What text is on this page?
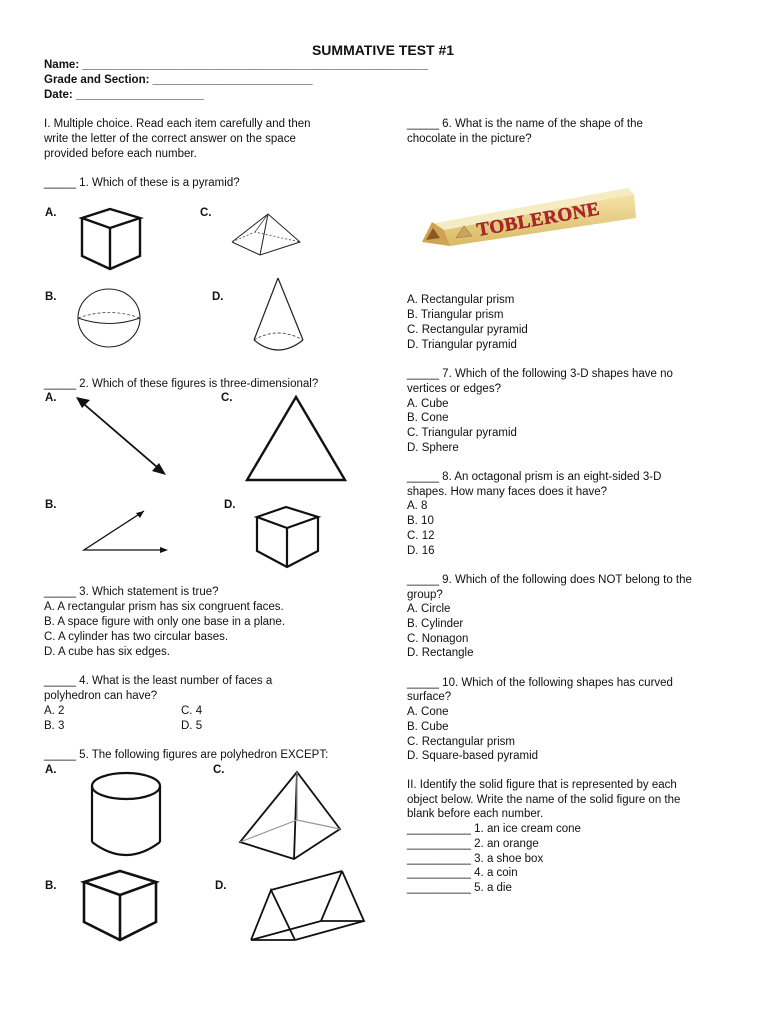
SUMMATIVE TEST #1
Name: ______________________________________________________
Grade and Section: _________________________
Date: ____________________
I. Multiple choice. Read each item carefully and then
write the letter of the correct answer on the space
provided before each number.
_____ 1. Which of these is a pyramid?
A.	C.
B.	D.
_____ 2. Which of these figures is three-dimensional?
A.	C.
B.	D.
_____ 3. Which statement is true?
A. A rectangular prism has six congruent faces.
B. A space figure with only one base in a plane.
C. A cylinder has two circular bases.
D. A cube has six edges.
_____ 4. What is the least number of faces a
polyhedron can have?
A. 2
B. 3
C. 4
D. 5
_____ 5. The following figures are polyhedron EXCEPT:
A.	C.
B.	D.
_____ 6. What is the name of the shape of the
chocolate in the picture?
TOBLERONE
A. Rectangular prism
B. Triangular prism
C. Rectangular pyramid
D. Triangular pyramid
_____ 7. Which of the following 3-D shapes have no
vertices or edges?
A. Cube
B. Cone
C. Triangular pyramid
D. Sphere
_____ 8. An octagonal prism is an eight-sided 3-D
shapes. How many faces does it have?
A. 8
B. 10
C. 12
D. 16
_____ 9. Which of the following does NOT belong to the
group?
A. Circle
B. Cylinder
C. Nonagon
D. Rectangle
_____ 10. Which of the following shapes has curved
surface?
A. Cone
B. Cube
C. Rectangular prism
D. Square-based pyramid
II. Identify the solid figure that is represented by each
object below. Write the name of the solid figure on the
blank before each number.
__________ 1. an ice cream cone
__________ 2. an orange
__________ 3. a shoe box
__________ 4. a coin
__________ 5. a die
